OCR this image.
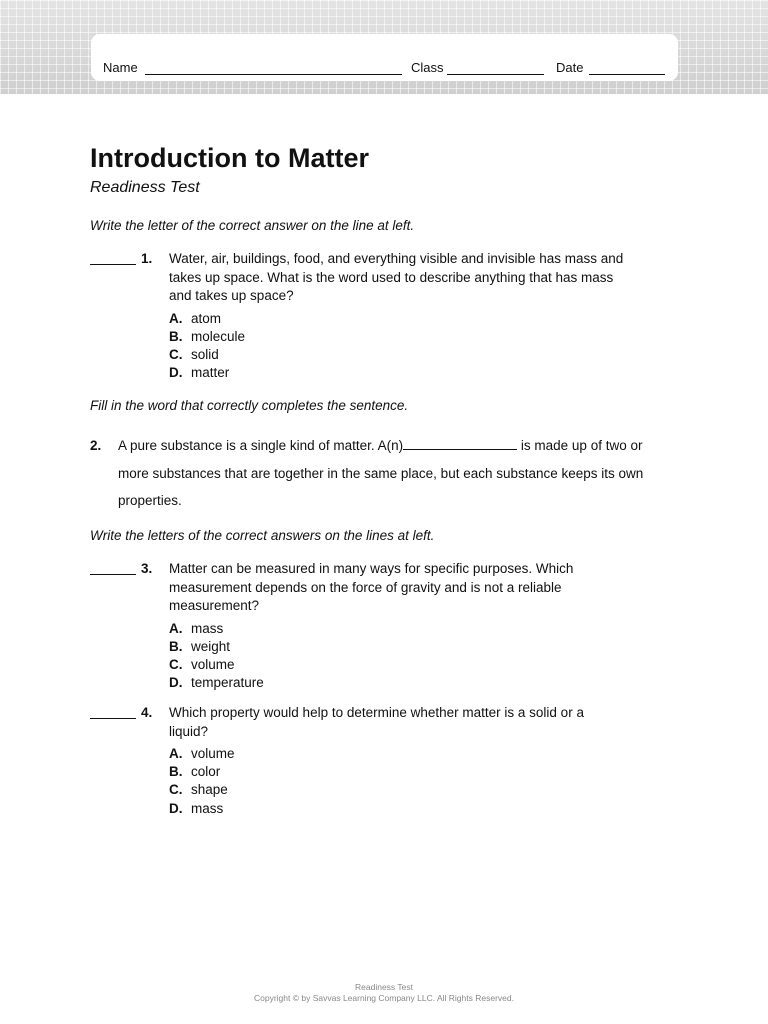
Name	Class	Date
Introduction to Matter

Readiness Test

Write the letter of the correct answer on the line at left.

1. Water, air, buildings, food, and everything visible and invisible has mass and takes up space. What is the word used to describe anything that has mass and takes up space?
A. atom
B. molecule
C. solid
D. matter

Fill in the word that correctly completes the sentence.

2. A pure substance is a single kind of matter. A(n)	is made up of two or more substances that are together in the same place, but each substance keeps its own properties.

Write the letters of the correct answers on the lines at left.

3. Matter can be measured in many ways for specific purposes. Which measurement depends on the force of gravity and is not a reliable measurement?
A. mass
B. weight
C. volume
D. temperature
4. Which property would help to determine whether matter is a solid or a liquid?
A. volume
B. color
C. shape
D. mass
Readiness Test
Copyright © by Savvas Learning Company LLC. All Rights Reserved.
